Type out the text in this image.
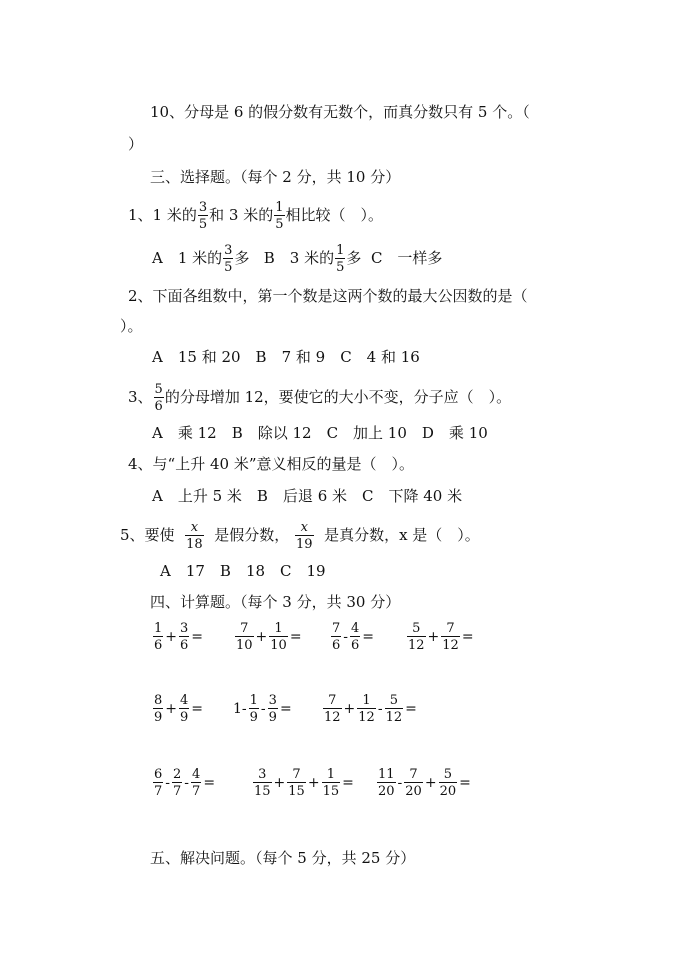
10、分母是 6 的假分数有无数个，而真分数只有 5 个。（
）
三、选择题。（每个 2 分，共 10 分）
1、1 米的 $\frac{3}{5}$ 和 3 米的 $\frac{1}{5}$ 相比较（　）。
A　1 米的 $\frac{3}{5}$ 多 B　3 米的 $\frac{1}{5}$ 多 C　一样多
2、下面各组数中，第一个数是这两个数的最大公因数的是（
）。
A　15 和 20　B　7 和 9　C　4 和 16
3、 $\frac{5}{6}$ 的分母增加 12，要使它的大小不变，分子应（　）。
A　乘 12　B　除以 12　C　加上 10　D　乘 10
4、与“上升 40 米”意义相反的量是（　）。
A　上升 5 米　B　后退 6 米　C　下降 40 米
5、要使 $\frac{x}{18}$ 是假分数， $\frac{x}{19}$ 是真分数，x 是（　）。
A　17　B　18　C　19
四、计算题。（每个 3 分，共 30 分）
$\frac{1}{6} + \frac{3}{6} = \frac{7}{10} + \frac{1}{10} = \frac{7}{6} - \frac{4}{6}$ =	$\frac{5}{12} + \frac{7}{12}$ =
$\frac{8}{9} + \frac{4}{9} = 1- \frac{1}{9} - \frac{3}{9} = \frac{7}{12} + \frac{1}{12} - \frac{5}{12}$ =
$\frac{6}{7} - \frac{2}{7} - \frac{4}{7}$ =	$\frac{3}{15} + \frac{7}{15} + \frac{1}{15} = \frac{11}{20} - \frac{7}{20} + \frac{5}{20}$ =
五、解决问题。（每个 5 分，共 25 分）
